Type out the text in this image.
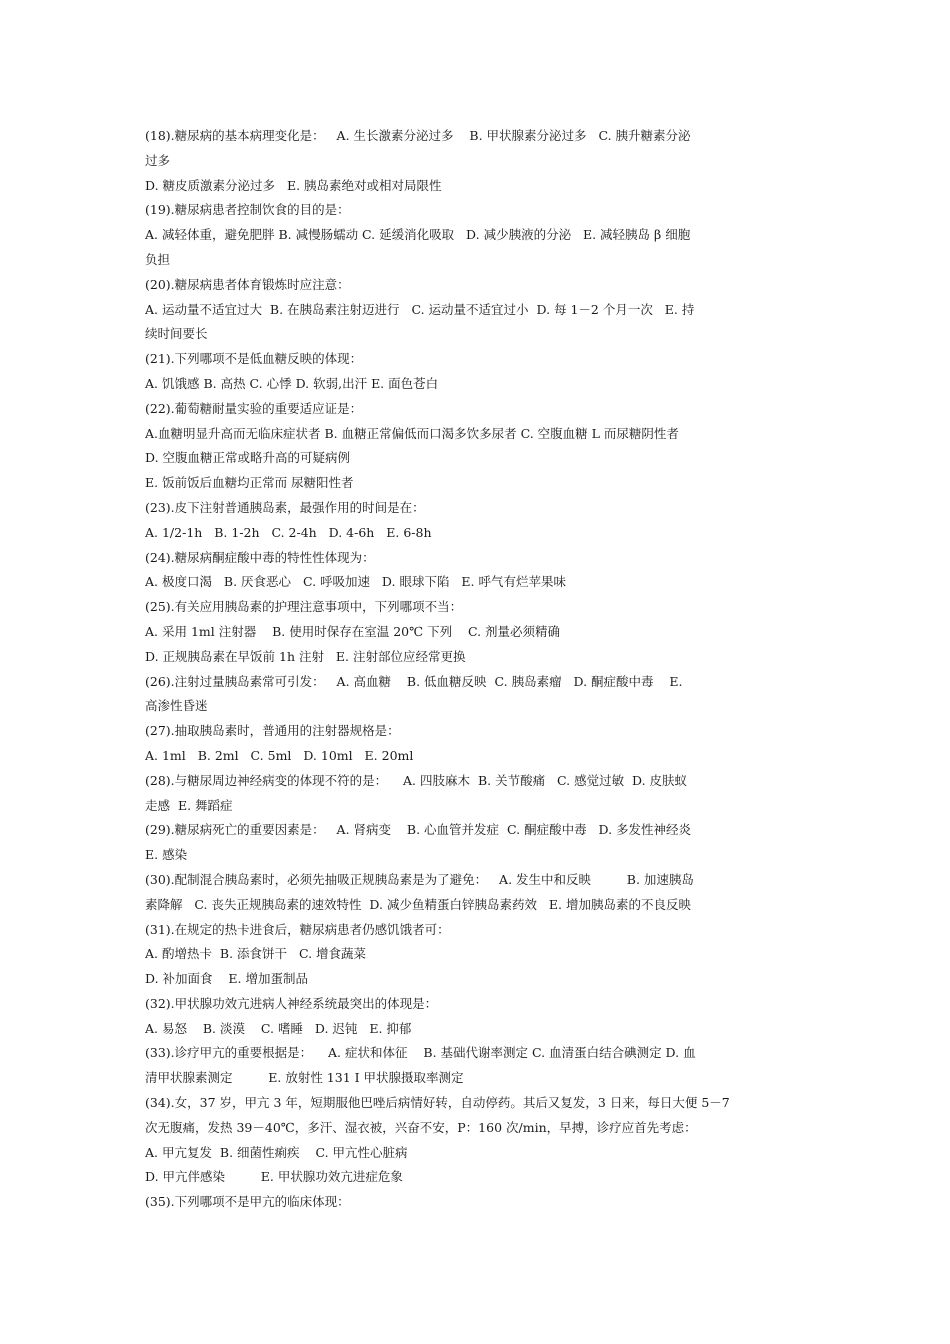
(18).糖尿病的基本病理变化是：   A. 生长激素分泌过多    B. 甲状腺素分泌过多   C. 胰升糖素分泌
过多
D. 糖皮质激素分泌过多   E. 胰岛素绝对或相对局限性
(19).糖尿病患者控制饮食的目的是：
A. 减轻体重，避免肥胖 B. 减慢肠蠕动 C. 延缓消化吸取   D. 减少胰液的分泌   E. 减轻胰岛 β 细胞
负担
(20).糖尿病患者体育锻炼时应注意：
A. 运动量不适宜过大  B. 在胰岛素注射迈进行   C. 运动量不适宜过小  D. 每 1－2 个月一次   E. 持
续时间要长
(21).下列哪项不是低血糖反映的体现：
A. 饥饿感 B. 高热 C. 心悸 D. 软弱,出汗 E. 面色苍白
(22).葡萄糖耐量实验的重要适应证是：
A.血糖明显升高而无临床症状者 B. 血糖正常偏低而口渴多饮多尿者 C. 空腹血糖 L 而尿糖阴性者
D. 空腹血糖正常或略升高的可疑病例
E. 饭前饭后血糖均正常而 尿糖阳性者
(23).皮下注射普通胰岛素，最强作用的时间是在：
A. 1/2-1h   B. 1-2h   C. 2-4h   D. 4-6h   E. 6-8h
(24).糖尿病酮症酸中毒的特性性体现为：
A. 极度口渴   B. 厌食恶心   C. 呼吸加速   D. 眼球下陷   E. 呼气有烂苹果味
(25).有关应用胰岛素的护理注意事项中，下列哪项不当：
A. 采用 1ml 注射器    B. 使用时保存在室温 20℃ 下列    C. 剂量必须精确
D. 正规胰岛素在早饭前 1h 注射   E. 注射部位应经常更换
(26).注射过量胰岛素常可引发：   A. 高血糖    B. 低血糖反映  C. 胰岛素瘤   D. 酮症酸中毒    E.
高渗性昏迷
(27).抽取胰岛素时，普通用的注射器规格是：
A. 1ml   B. 2ml   C. 5ml   D. 10ml   E. 20ml
(28).与糖尿周边神经病变的体现不符的是：    A. 四肢麻木  B. 关节酸痛   C. 感觉过敏  D. 皮肤蚁
走感  E. 舞蹈症
(29).糖尿病死亡的重要因素是：   A. 肾病变    B. 心血管并发症  C. 酮症酸中毒   D. 多发性神经炎
E. 感染
(30).配制混合胰岛素时，必须先抽吸正规胰岛素是为了避免：   A. 发生中和反映         B. 加速胰岛
素降解   C. 丧失正规胰岛素的速效特性  D. 减少鱼精蛋白锌胰岛素药效   E. 增加胰岛素的不良反映
(31).在规定的热卡进食后，糖尿病患者仍感饥饿者可：
A. 酌增热卡  B. 添食饼干   C. 增食蔬菜
D. 补加面食    E. 增加蛋制品
(32).甲状腺功效亢进病人神经系统最突出的体现是：
A. 易怒    B. 淡漠    C. 嗜睡   D. 迟钝   E. 抑郁
(33).诊疗甲亢的重要根据是：    A. 症状和体征    B. 基础代谢率测定 C. 血清蛋白结合碘测定 D. 血
清甲状腺素测定         E. 放射性 131 I 甲状腺摄取率测定
(34).女，37 岁，甲亢 3 年，短期服他巴唑后病情好转，自动停药。其后又复发，3 日来，每日大便 5－7
次无腹痛，发热 39－40℃，多汗、湿衣被，兴奋不安，P：160 次/min，早搏，诊疗应首先考虑：
A. 甲亢复发  B. 细菌性痢疾    C. 甲亢性心脏病
D. 甲亢伴感染         E. 甲状腺功效亢进症危象
(35).下列哪项不是甲亢的临床体现：
